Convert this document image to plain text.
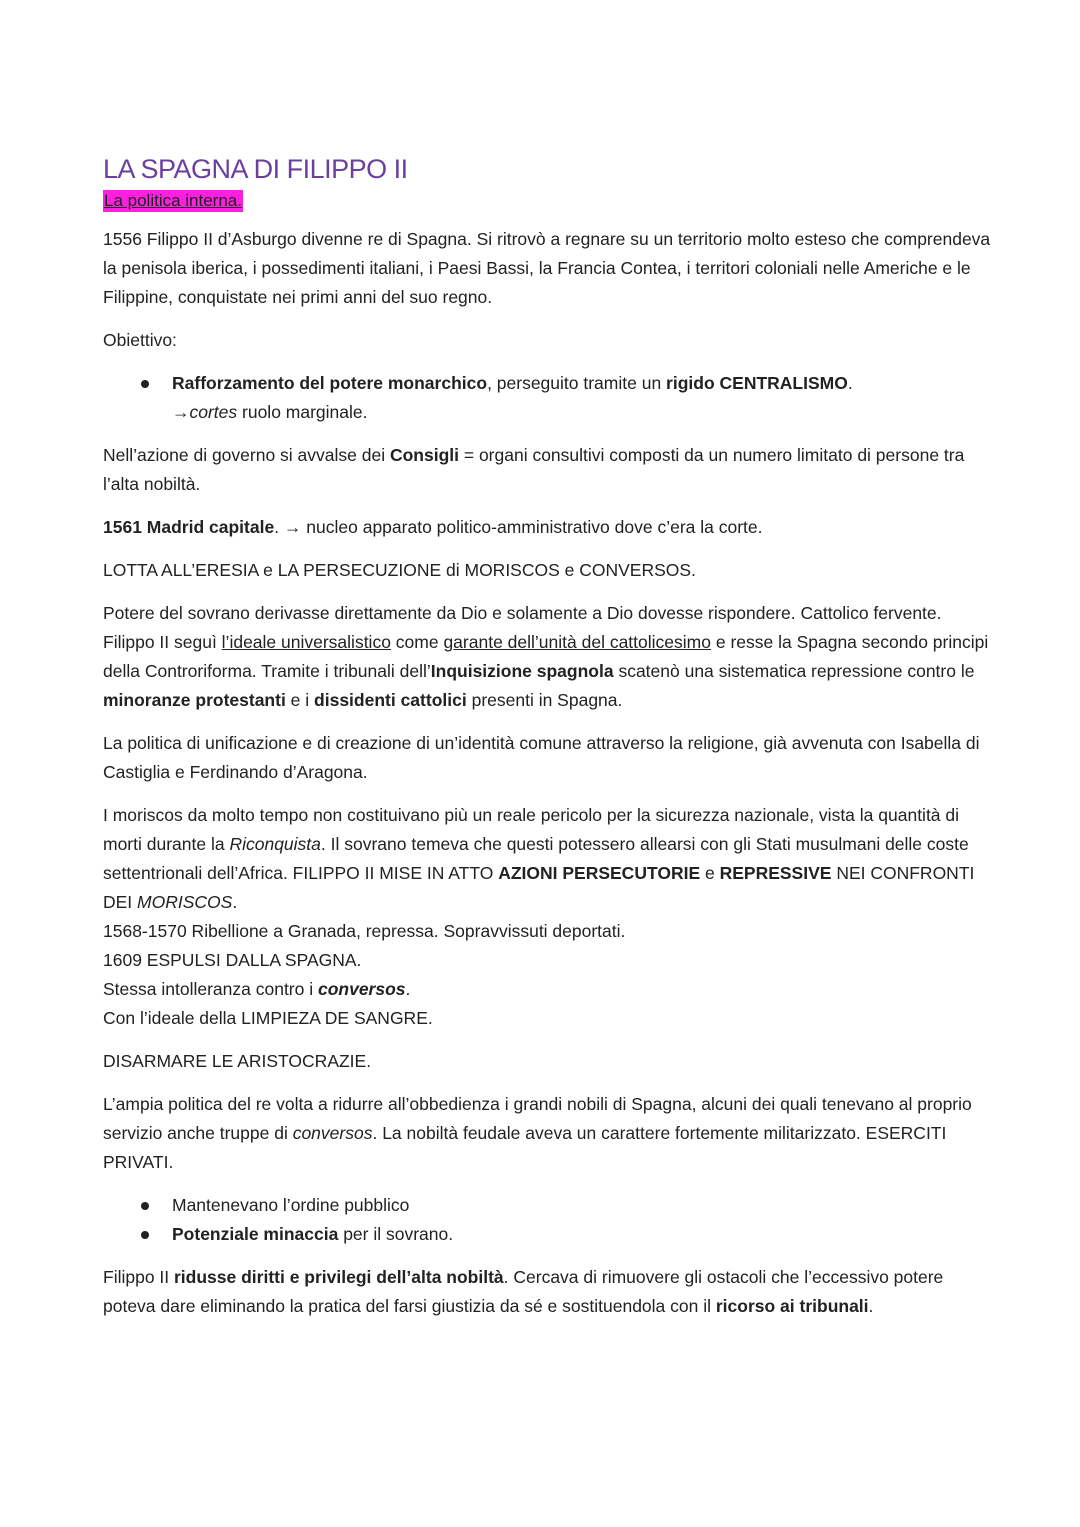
LA SPAGNA DI FILIPPO II
La politica interna.

1556 Filippo II d’Asburgo divenne re di Spagna. Si ritrovò a regnare su un territorio molto esteso che comprendeva la penisola iberica, i possedimenti italiani, i Paesi Bassi, la Francia Contea, i territori coloniali nelle Americhe e le Filippine, conquistate nei primi anni del suo regno.

Obiettivo:

Rafforzamento del potere monarchico, perseguito tramite un rigido CENTRALISMO.
→cortes ruolo marginale.

Nell’azione di governo si avvalse dei Consigli = organi consultivi composti da un numero limitato di persone tra l’alta nobiltà.

1561 Madrid capitale. → nucleo apparato politico-amministrativo dove c’era la corte.

LOTTA ALL’ERESIA e LA PERSECUZIONE di MORISCOS e CONVERSOS.

Potere del sovrano derivasse direttamente da Dio e solamente a Dio dovesse rispondere. Cattolico fervente. Filippo II seguì l’ideale universalistico come garante dell’unità del cattolicesimo e resse la Spagna secondo principi della Controriforma. Tramite i tribunali dell’Inquisizione spagnola scatenò una sistematica repressione contro le minoranze protestanti e i dissidenti cattolici presenti in Spagna.

La politica di unificazione e di creazione di un’identità comune attraverso la religione, già avvenuta con Isabella di Castiglia e Ferdinando d’Aragona.

I moriscos da molto tempo non costituivano più un reale pericolo per la sicurezza nazionale, vista la quantità di morti durante la Riconquista. Il sovrano temeva che questi potessero allearsi con gli Stati musulmani delle coste settentrionali dell’Africa. FILIPPO II MISE IN ATTO AZIONI PERSECUTORIE e REPRESSIVE NEI CONFRONTI DEI MORISCOS.

1568-1570 Ribellione a Granada, repressa. Sopravvissuti deportati.

1609 ESPULSI DALLA SPAGNA.

Stessa intolleranza contro i conversos.

Con l’ideale della LIMPIEZA DE SANGRE.

DISARMARE LE ARISTOCRAZIE.

L’ampia politica del re volta a ridurre all’obbedienza i grandi nobili di Spagna, alcuni dei quali tenevano al proprio servizio anche truppe di conversos. La nobiltà feudale aveva un carattere fortemente militarizzato. ESERCITI PRIVATI.

Mantenevano l’ordine pubblico
Potenziale minaccia per il sovrano.

Filippo II ridusse diritti e privilegi dell’alta nobiltà. Cercava di rimuovere gli ostacoli che l’eccessivo potere poteva dare eliminando la pratica del farsi giustizia da sé e sostituendola con il ricorso ai tribunali.
